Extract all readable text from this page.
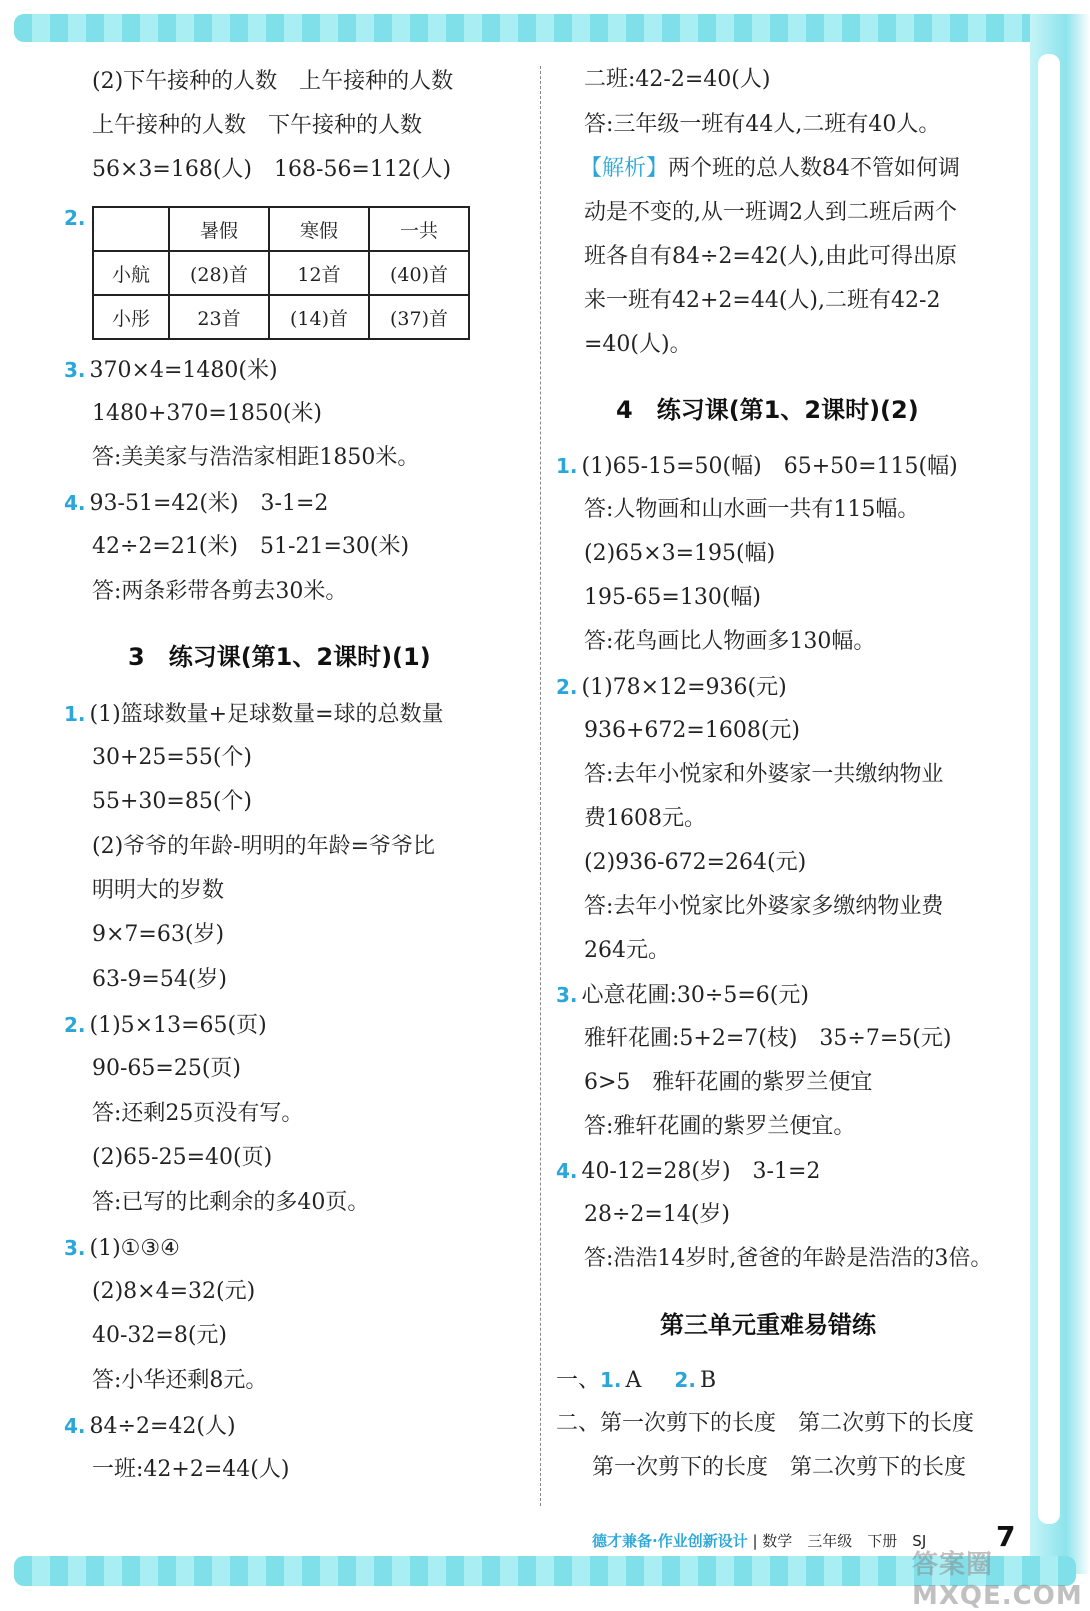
(2)下午接种的人数　上午接种的人数
上午接种的人数　下午接种的人数
56×3=168(人)　168-56=112(人)
2.
	暑假	寒假	一共
小航	(28)首	12首	(40)首
小彤	23首	(14)首	(37)首
3. 370×4=1480(米)
1480+370=1850(米)
答:美美家与浩浩家相距1850米。
4. 93-51=42(米)　3-1=2
42÷2=21(米)　51-21=30(米)
答:两条彩带各剪去30米。
3　练习课(第1、2课时)(1)
1. (1)篮球数量+足球数量=球的总数量
30+25=55(个)
55+30=85(个)
(2)爷爷的年龄-明明的年龄=爷爷比
明明大的岁数
9×7=63(岁)
63-9=54(岁)
2. (1)5×13=65(页)
90-65=25(页)
答:还剩25页没有写。
(2)65-25=40(页)
答:已写的比剩余的多40页。
3. (1)①③④
(2)8×4=32(元)
40-32=8(元)
答:小华还剩8元。
4. 84÷2=42(人)
一班:42+2=44(人)
二班:42-2=40(人)
答:三年级一班有44人,二班有40人。
【解析】两个班的总人数84不管如何调
动是不变的,从一班调2人到二班后两个
班各自有84÷2=42(人),由此可得出原
来一班有42+2=44(人),二班有42-2
=40(人)。
4　练习课(第1、2课时)(2)
1. (1)65-15=50(幅)　65+50=115(幅)
答:人物画和山水画一共有115幅。
(2)65×3=195(幅)
195-65=130(幅)
答:花鸟画比人物画多130幅。
2. (1)78×12=936(元)
936+672=1608(元)
答:去年小悦家和外婆家一共缴纳物业
费1608元。
(2)936-672=264(元)
答:去年小悦家比外婆家多缴纳物业费
264元。
3. 心意花圃:30÷5=6(元)
雅轩花圃:5+2=7(枝)　35÷7=5(元)
6>5　雅轩花圃的紫罗兰便宜
答:雅轩花圃的紫罗兰便宜。
4. 40-12=28(岁)　3-1=2
28÷2=14(岁)
答:浩浩14岁时,爸爸的年龄是浩浩的3倍。
第三单元重难易错练
一、1. A 2. B
二、第一次剪下的长度　第二次剪下的长度
第一次剪下的长度　第二次剪下的长度
德才兼备·作业创新设计 | 数学　三年级　下册　SJ 7
答案圈 MXQE.COM
